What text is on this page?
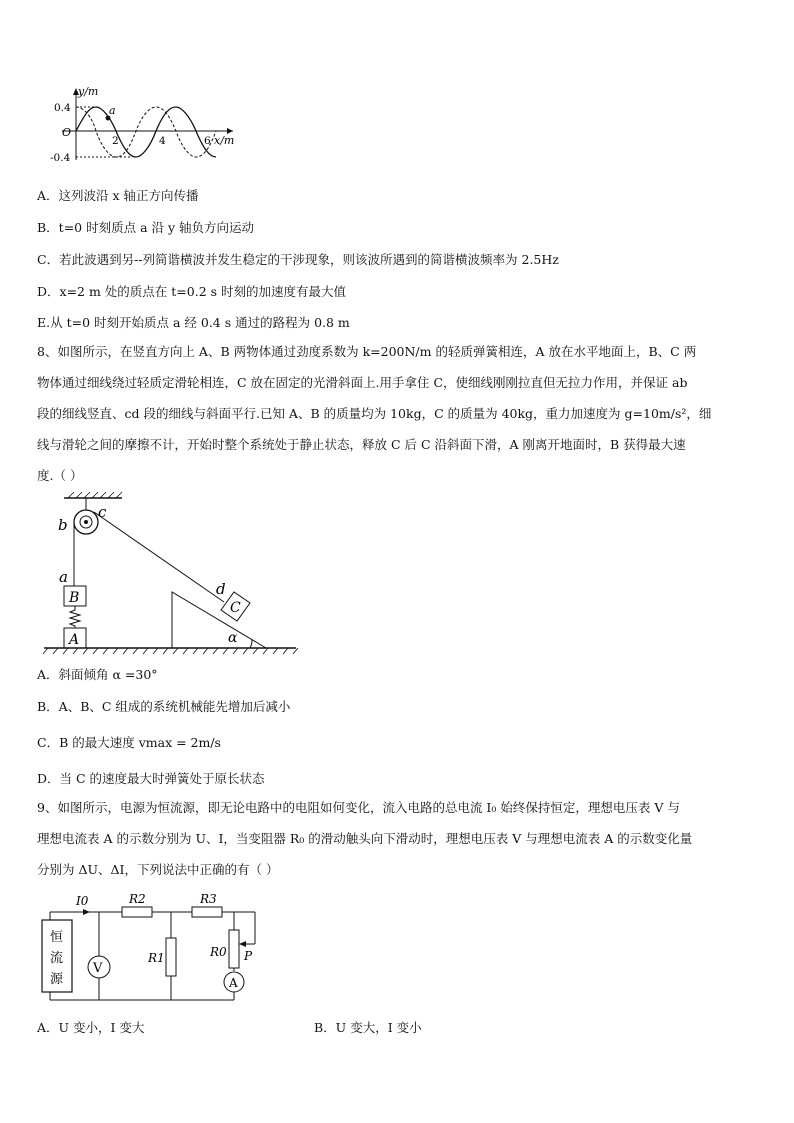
a
y/m
0.4
-0.4
O
2	4	6 x/m
A．这列波沿 x 轴正方向传播
B．t=0 时刻质点 a 沿 y 轴负方向运动
C．若此波遇到另--列简谐横波并发生稳定的干涉现象，则该波所遇到的简谐横波频率为 2.5Hz
D．x=2 m 处的质点在 t=0.2 s 时刻的加速度有最大值
E.从 t=0 时刻开始质点 a 经 0.4 s 通过的路程为 0.8 m

8、如图所示，在竖直方向上 A、B 两物体通过劲度系数为 k=200N/m 的轻质弹簧相连，A 放在水平地面上，B、C 两

物体通过细线绕过轻质定滑轮相连，C 放在固定的光滑斜面上.用手拿住 C，使细线刚刚拉直但无拉力作用，并保证 ab

段的细线竖直、cd 段的细线与斜面平行.已知 A、B 的质量均为 10kg，C 的质量为 40kg，重力加速度为 g=10m/s²，细

线与滑轮之间的摩擦不计，开始时整个系统处于静止状态，释放 C 后 C 沿斜面下滑，A 刚离开地面时，B 获得最大速

度.（ ）

b
c
a
B
A
d
C
α
A．斜面倾角 α =30°
B．A、B、C 组成的系统机械能先增加后减小
C．B 的最大速度 vmax = 2m/s
D．当 C 的速度最大时弹簧处于原长状态

9、如图所示，电源为恒流源，即无论电路中的电阻如何变化，流入电路的总电流 I₀ 始终保持恒定，理想电压表 V 与

理想电流表 A 的示数分别为 U、I，当变阻器 R₀ 的滑动触头向下滑动时，理想电压表 V 与理想电流表 A 的示数变化量

分别为 ΔU、ΔI，下列说法中正确的有（ ）

I0	R2	R3
R1	R0 P
V
A
恒
流
源
A．U 变小，I 变大	B．U 变大，I 变小
